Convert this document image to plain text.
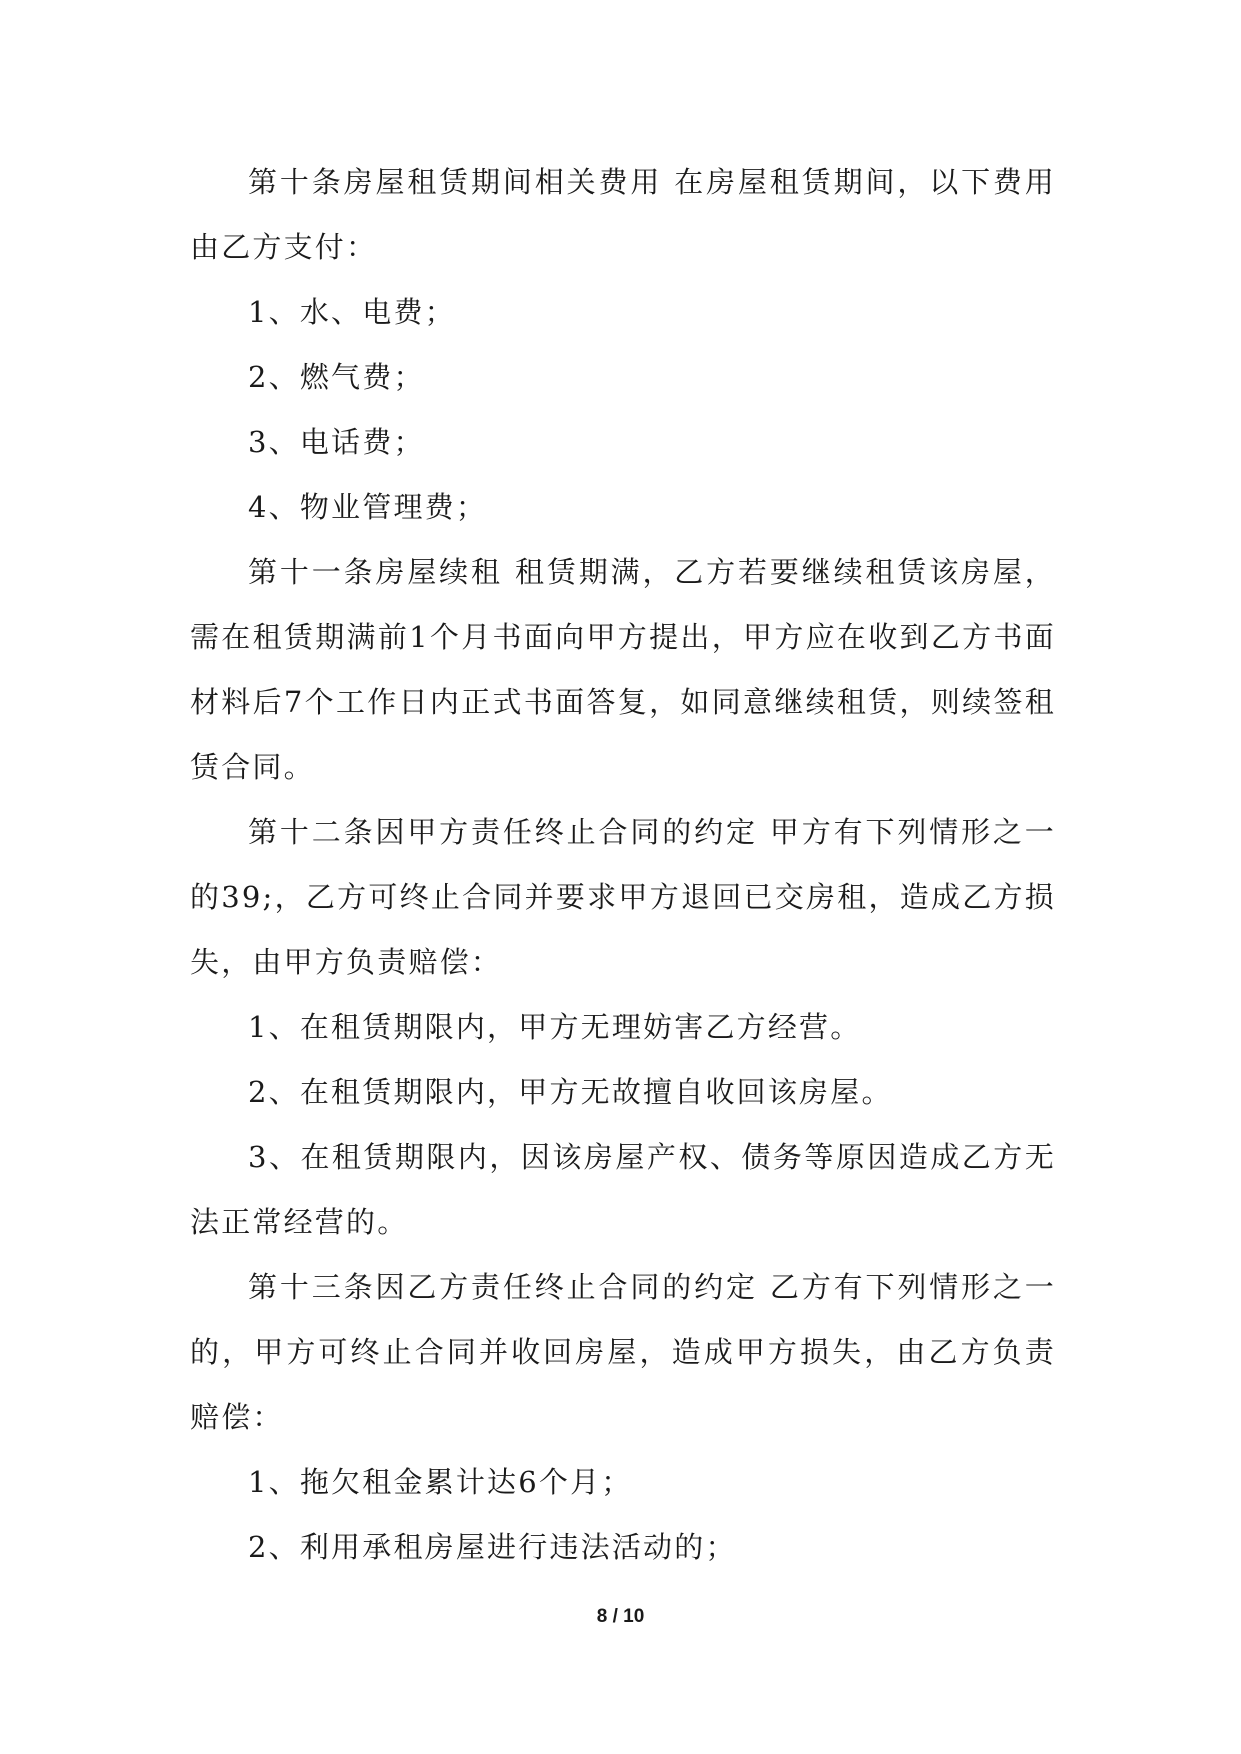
第十条房屋租赁期间相关费用 在房屋租赁期间，以下费用由乙方支付：

1、水、电费；

2、燃气费；

3、电话费；

4、物业管理费；

第十一条房屋续租 租赁期满，乙方若要继续租赁该房屋，需在租赁期满前1个月书面向甲方提出，甲方应在收到乙方书面材料后7个工作日内正式书面答复，如同意继续租赁，则续签租赁合同。

第十二条因甲方责任终止合同的约定 甲方有下列情形之一的39;，乙方可终止合同并要求甲方退回已交房租，造成乙方损失，由甲方负责赔偿：

1、在租赁期限内，甲方无理妨害乙方经营。

2、在租赁期限内，甲方无故擅自收回该房屋。

3、在租赁期限内，因该房屋产权、债务等原因造成乙方无法正常经营的。

第十三条因乙方责任终止合同的约定 乙方有下列情形之一的，甲方可终止合同并收回房屋，造成甲方损失，由乙方负责赔偿：

1、拖欠租金累计达6个月；

2、利用承租房屋进行违法活动的；

8 / 10
